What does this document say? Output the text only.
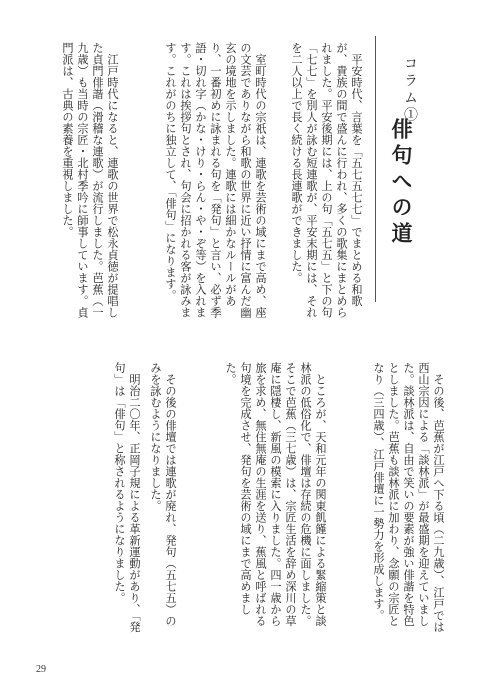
コラム①
俳句への道
　平安時代、言葉を「五七五七七」でまとめる和歌が、貴族の間で盛んに行われ、多くの歌集にまとめられました。平安後期には、上の句「五七五」と下の句「七七」を別人が詠む短連歌が、平安末期には、それを二人以上で長く続ける長連歌ができました。
　室町時代の宗祇は、連歌を芸術の域にまで高め、座の文芸でありながら和歌の世界に近い抒情に富んだ幽玄の境地を示しました。連歌には細かなルールがあり、一番初めに詠まれる句を「発句」と言い、必ず季語・切れ字（かな・けり・らん・や・ぞ等）を入れます。これは挨拶句とされ、句会に招かれる客が詠みます。これがのちに独立して、「俳句」になります。
　江戸時代になると、連歌の世界で松永貞徳が提唱した貞門俳諧（滑稽な連歌）が流行しました。芭蕉（一九歳）も当時の宗匠・北村季吟に師事しています。貞門派は、古典の素養を重視しました。
　その後、芭蕉が江戸へ下る頃（二九歳）、江戸では西山宗因による「談林派」が最盛期を迎えていました。談林派は、自由で笑いの要素が強い俳諧を特色としました。芭蕉も談林派に加わり、念願の宗匠となり（三四歳）、江戸俳壇に一勢力を形成します。
　ところが、天和元年の関東飢饉による緊縮策と談林派の低俗化で、俳壇は存続の危機に面しました。そこで芭蕉（三七歳）は、宗匠生活を辞め深川の草庵に隠棲し、新風の模索に入りました。四一歳から旅を求め、無住無庵の生涯を送り、蕉風と呼ばれる句境を完成させ、発句を芸術の域にまで高めました。
　その後の俳壇では連歌が廃れ、発句（五七五）のみを詠むようになりました。
　明治二〇年、正岡子規による革新運動があり、「発句」は「俳句」と称されるようになりました。
29
